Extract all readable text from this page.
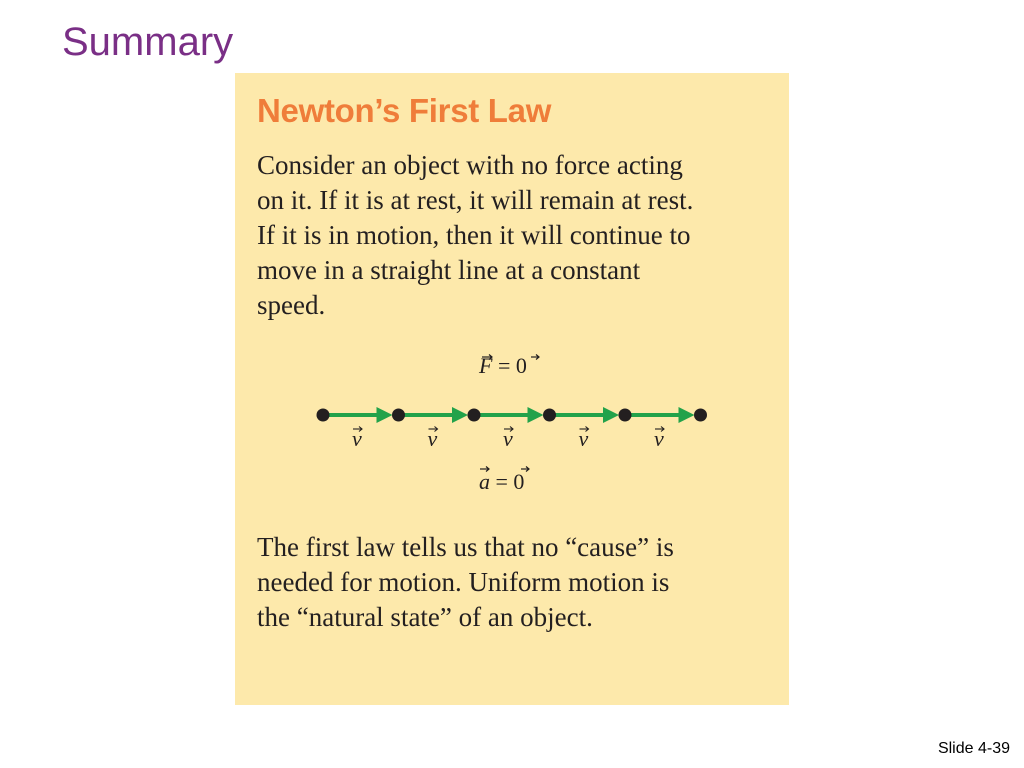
Summary
Newton’s First Law
Consider an object with no force acting
on it. If it is at rest, it will remain at rest.
If it is in motion, then it will continue to
move in a straight line at a constant
speed.
F = 0
v	v	v	v	v
a = 0
The first law tells us that no “cause” is
needed for motion. Uniform motion is
the “natural state” of an object.
Slide 4-39
